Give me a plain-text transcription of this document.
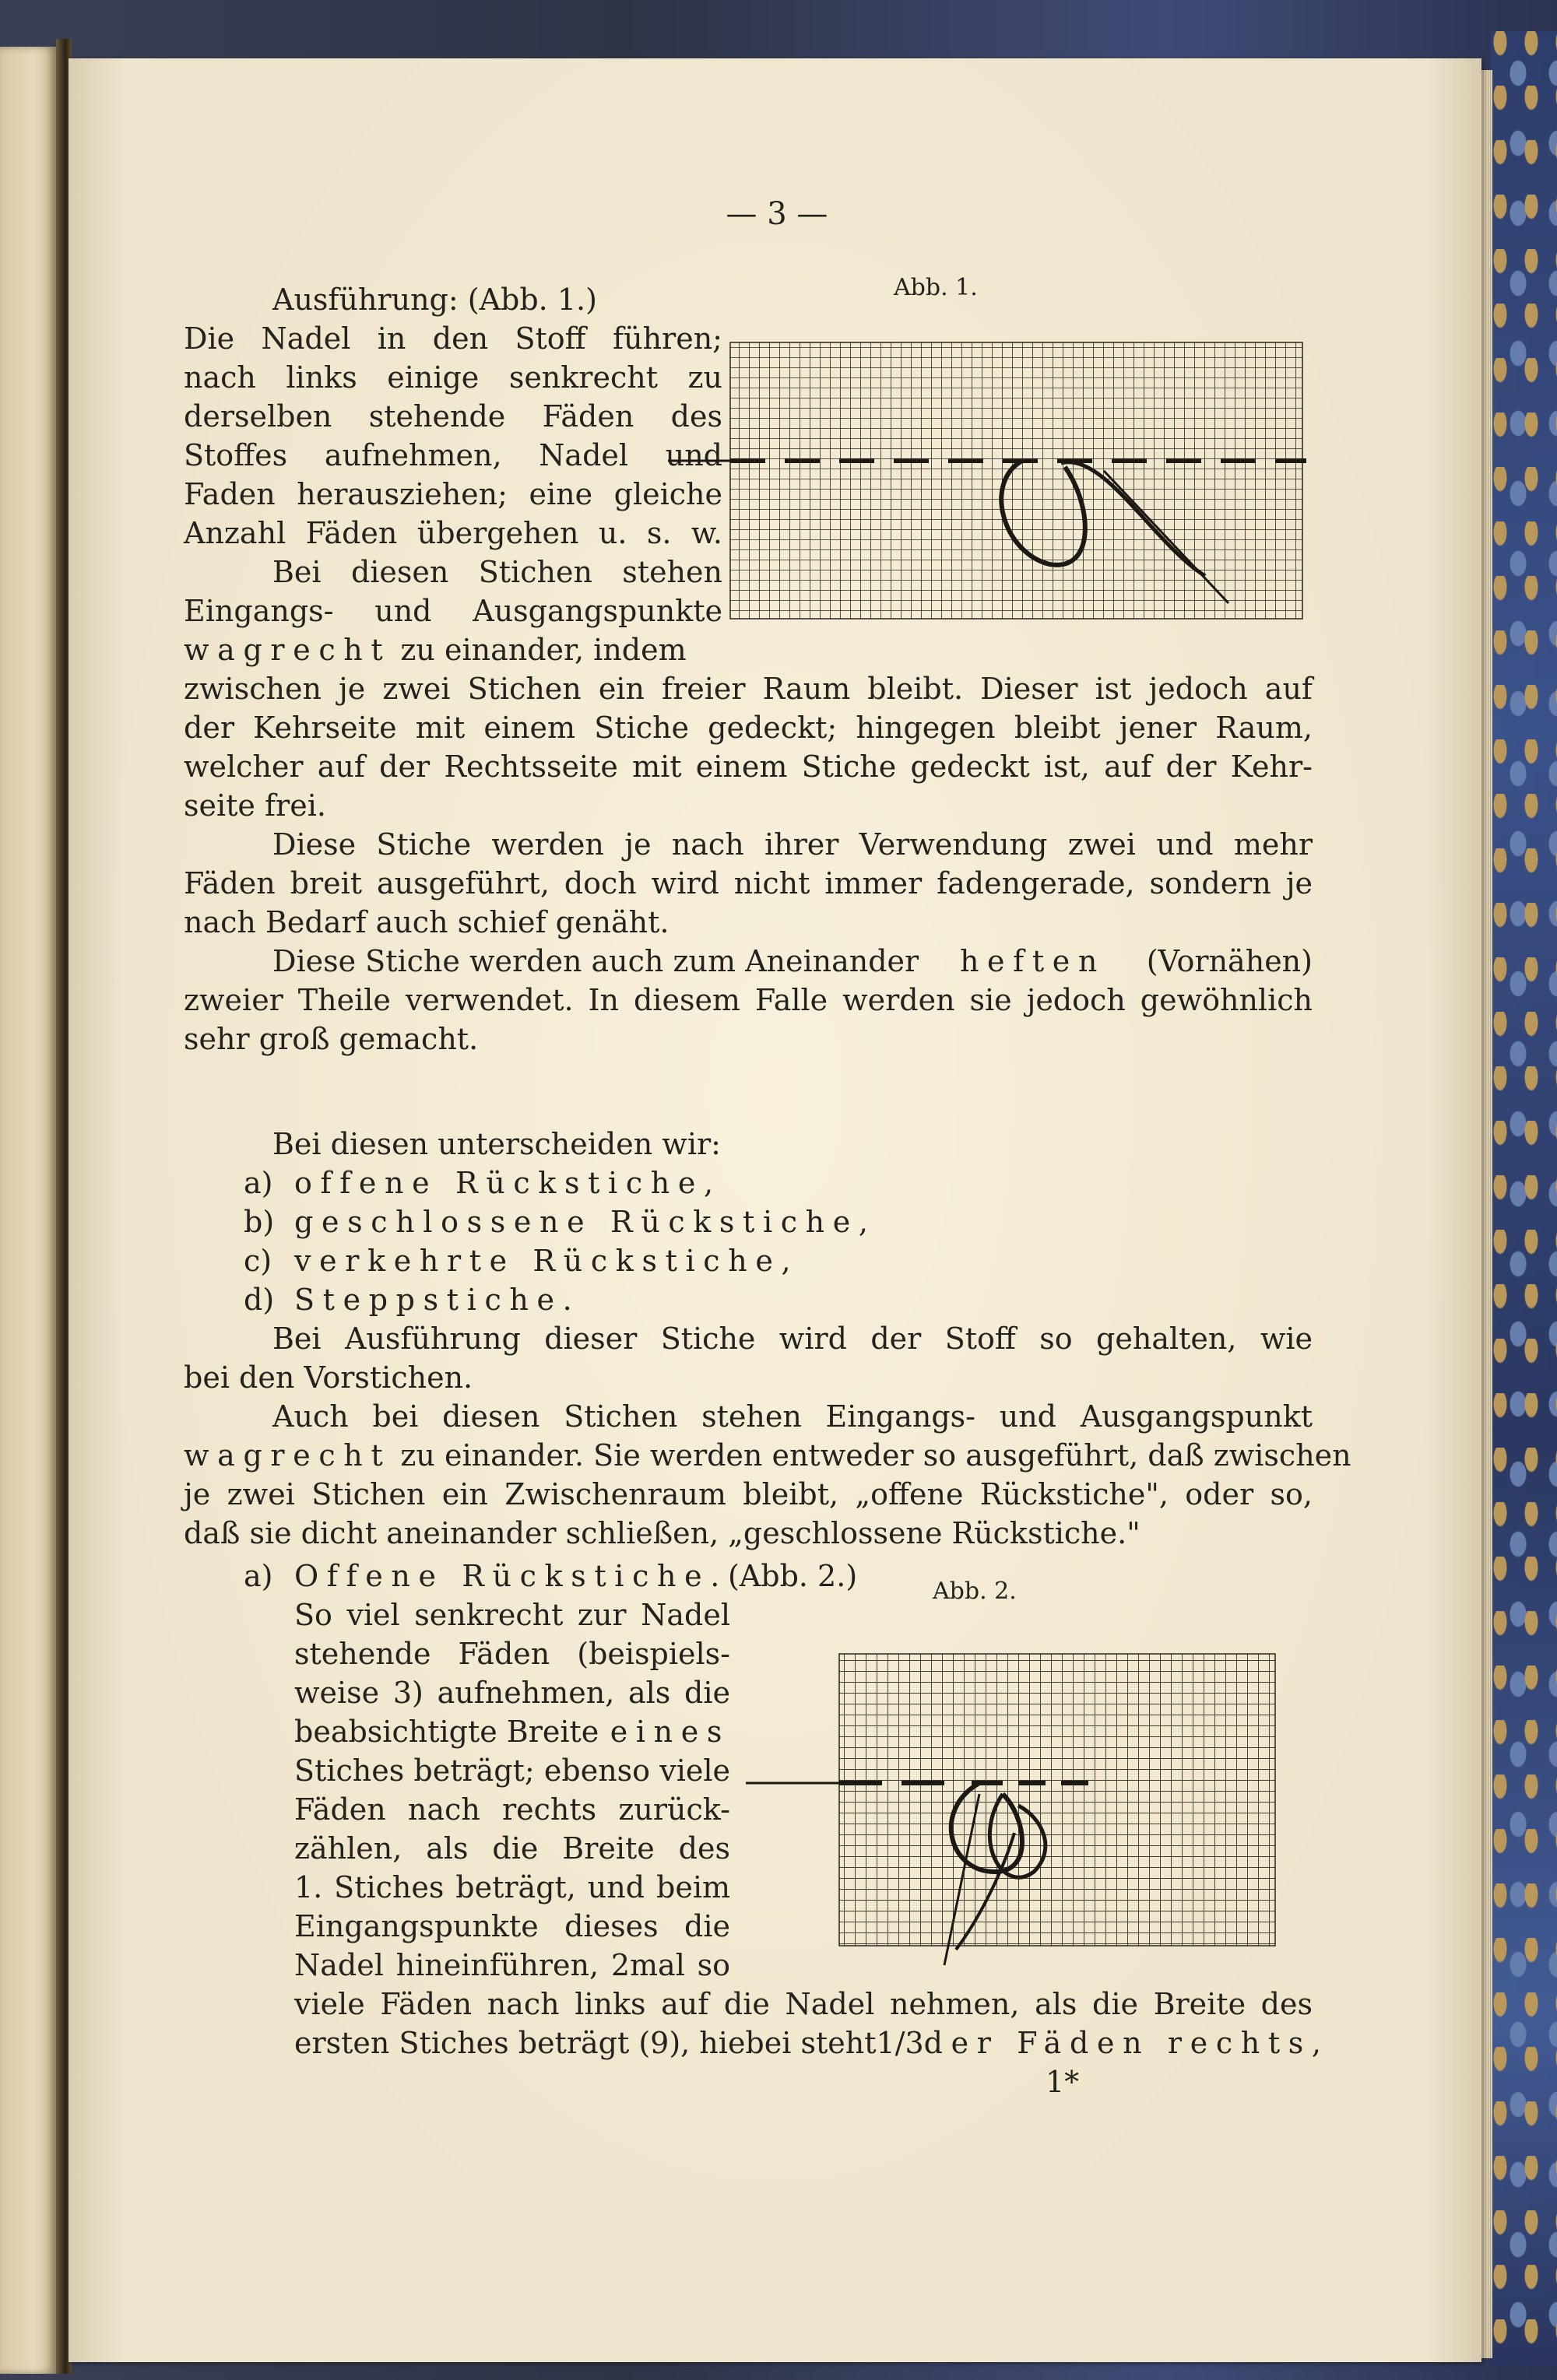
— 3 —

Ausführung: (Abb. 1.)

Die Nadel in den Stoff führen;

nach links einige senkrecht zu

derselben stehende Fäden des

Stoffes aufnehmen, Nadel und

Faden herausziehen; eine gleiche

Anzahl Fäden übergehen u. s. w.

Bei diesen Stichen stehen

Eingangs- und Ausgangspunkte

wagrecht zu einander, indem

Abb. 1.

zwischen je zwei Stichen ein freier Raum bleibt. Dieser ist jedoch auf

der Kehrseite mit einem Stiche gedeckt; hingegen bleibt jener Raum,

welcher auf der Rechtsseite mit einem Stiche gedeckt ist, auf der Kehr-

seite frei.

Diese Stiche werden je nach ihrer Verwendung zwei und mehr

Fäden breit ausgeführt, doch wird nicht immer fadengerade, sondern je

nach Bedarf auch schief genäht.

Diese Stiche werden auch zum Aneinander heften (Vornähen)

zweier Theile verwendet. In diesem Falle werden sie jedoch gewöhnlich

sehr groß gemacht.

Bei diesen unterscheiden wir:

a) offene Rückstiche,

b) geschlossene Rückstiche,

c) verkehrte Rückstiche,

d) Steppstiche.

Bei Ausführung dieser Stiche wird der Stoff so gehalten, wie

bei den Vorstichen.

Auch bei diesen Stichen stehen Eingangs- und Ausgangspunkt

wagrecht zu einander. Sie werden entweder so ausgeführt, daß zwischen

je zwei Stichen ein Zwischenraum bleibt, „offene Rückstiche", oder so,

daß sie dicht aneinander schließen, „geschlossene Rückstiche."

a) Offene Rückstiche.(Abb. 2.)

So viel senkrecht zur Nadel

stehende Fäden (beispiels-

weise 3) aufnehmen, als die

beabsichtigte Breite eines

Stiches beträgt; ebenso viele

Fäden nach rechts zurück-

zählen, als die Breite des

1. Stiches beträgt, und beim

Eingangspunkte dieses die

Nadel hineinführen, 2mal so

Abb. 2.

viele Fäden nach links auf die Nadel nehmen, als die Breite des

ersten Stiches beträgt (9), hiebei steht 1/3 der Fäden rechts,

1*
